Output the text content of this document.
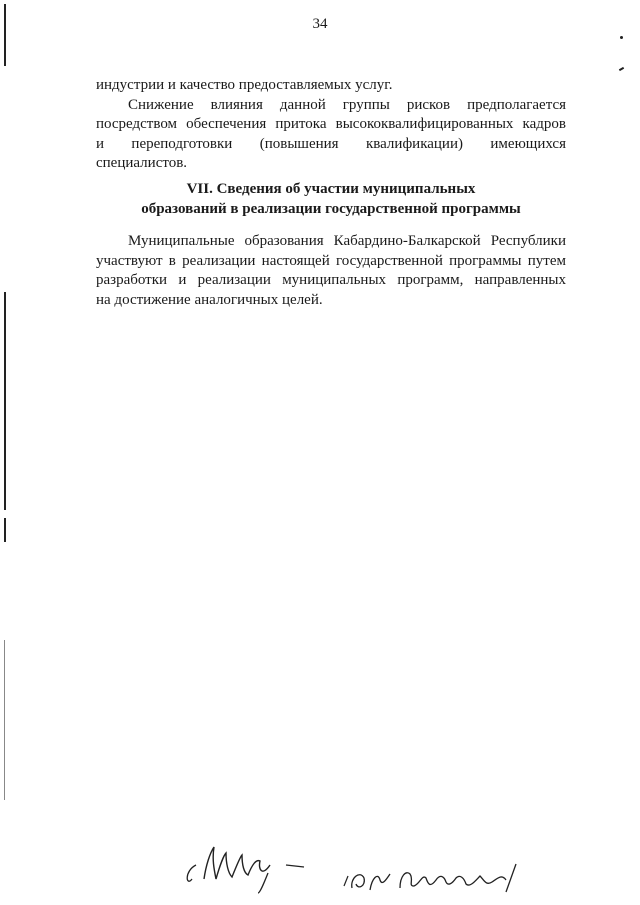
34
индустрии и качество предоставляемых услуг.
Снижение влияния данной группы рисков предполагается
посредством обеспечения притока высококвалифицированных кадров
и переподготовки (повышения квалификации) имеющихся
специалистов.
VII. Сведения об участии муниципальных
образований в реализации государственной программы
Муниципальные образования Кабардино-Балкарской Республики
участвуют в реализации настоящей государственной программы путем
разработки и реализации муниципальных программ, направленных
на достижение аналогичных целей.
